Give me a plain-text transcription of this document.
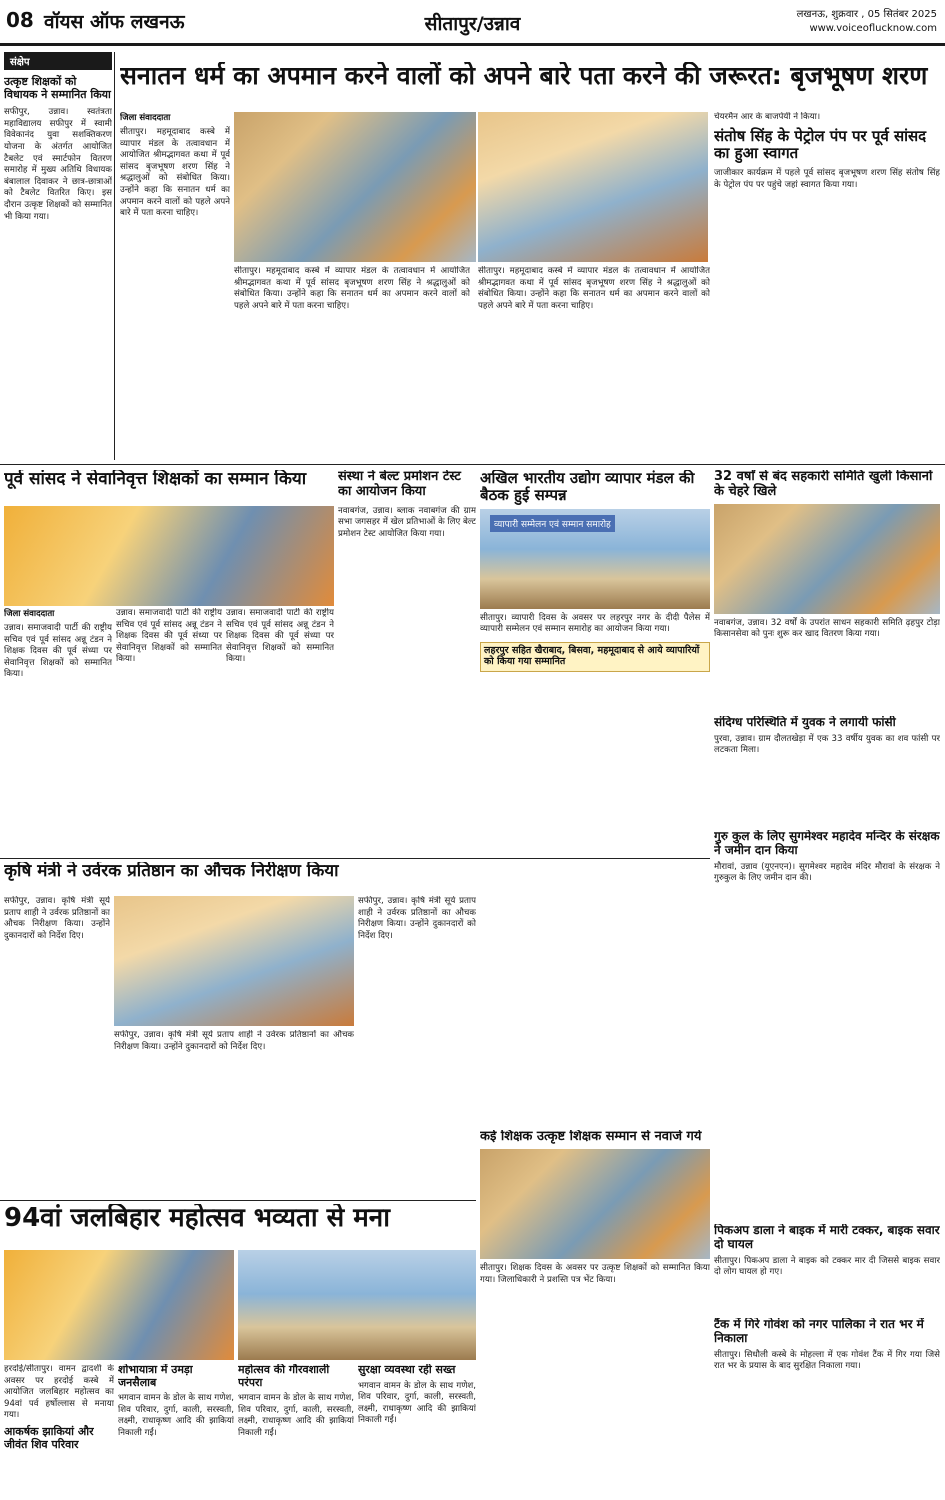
08 वॉयस ऑफ लखनऊ	सीतापुर/उन्नाव	लखनऊ, शुक्रवार , 05 सितंबर 2025
www.voiceoflucknow.com
संक्षेप
उत्कृष्ट शिक्षकों को विधायक ने सम्मानित किया
सफीपुर, उन्नाव। स्वतंत्रता महाविद्यालय सफीपुर में स्वामी विवेकानंद युवा सशक्तिकरण योजना के अंतर्गत आयोजित टैबलेट एवं स्मार्टफोन वितरण समारोह में मुख्य अतिथि विधायक बंबालाल दिवाकर ने छात्र-छात्राओं को टैबलेट वितरित किए। इस दौरान उत्कृष्ट शिक्षकों को सम्मानित भी किया गया।
सनातन धर्म का अपमान करने वालों को अपने बारे पता करने की जरूरत: बृजभूषण शरण
जिला संवाददाता
सीतापुर। महमूदाबाद कस्बे में व्यापार मंडल के तत्वावधान में आयोजित श्रीमद्भागवत कथा में पूर्व सांसद बृजभूषण शरण सिंह ने श्रद्धालुओं को संबोधित किया। उन्होंने कहा कि सनातन धर्म का अपमान करने वालों को पहले अपने बारे में पता करना चाहिए।
सीतापुर। महमूदाबाद कस्बे में व्यापार मंडल के तत्वावधान में आयोजित श्रीमद्भागवत कथा में पूर्व सांसद बृजभूषण शरण सिंह ने श्रद्धालुओं को संबोधित किया। उन्होंने कहा कि सनातन धर्म का अपमान करने वालों को पहले अपने बारे में पता करना चाहिए।
सीतापुर। महमूदाबाद कस्बे में व्यापार मंडल के तत्वावधान में आयोजित श्रीमद्भागवत कथा में पूर्व सांसद बृजभूषण शरण सिंह ने श्रद्धालुओं को संबोधित किया। उन्होंने कहा कि सनातन धर्म का अपमान करने वालों को पहले अपने बारे में पता करना चाहिए।
चेयरमैन आर के बाजपेयी ने किया।
संतोष सिंह के पेट्रोल पंप पर पूर्व सांसद का हुआ स्वागत
जाजीकार कार्यक्रम में पहले पूर्व सांसद बृजभूषण शरण सिंह संतोष सिंह के पेट्रोल पंप पर पहुंचे जहां स्वागत किया गया।
पूर्व सांसद ने सेवानिवृत्त शिक्षकों का सम्मान किया
जिला संवाददाता
उन्नाव। समाजवादी पार्टी की राष्ट्रीय सचिव एवं पूर्व सांसद अन्नू टंडन ने शिक्षक दिवस की पूर्व संध्या पर सेवानिवृत्त शिक्षकों को सम्मानित किया।
उन्नाव। समाजवादी पार्टी की राष्ट्रीय सचिव एवं पूर्व सांसद अन्नू टंडन ने शिक्षक दिवस की पूर्व संध्या पर सेवानिवृत्त शिक्षकों को सम्मानित किया।
उन्नाव। समाजवादी पार्टी की राष्ट्रीय सचिव एवं पूर्व सांसद अन्नू टंडन ने शिक्षक दिवस की पूर्व संध्या पर सेवानिवृत्त शिक्षकों को सम्मानित किया।
संस्था ने बेल्ट प्रमोशन टेस्ट का आयोजन किया
नवाबगंज, उन्नाव। ब्लाक नवाबगंज की ग्राम सभा जगसहर में खेल प्रतिभाओं के लिए बेल्ट प्रमोशन टेस्ट आयोजित किया गया।
अखिल भारतीय उद्योग व्यापार मंडल की बैठक हुई सम्पन्न
व्यापारी सम्मेलन एवं सम्मान समारोह
सीतापुर। व्यापारी दिवस के अवसर पर लहरपुर नगर के दीदी पैलेस में व्यापारी सम्मेलन एवं सम्मान समारोह का आयोजन किया गया।
लहरपुर सहित खैराबाद, बिसवा, महमूदाबाद से आये व्यापारियों को किया गया सम्मानित
32 वर्षों से बंद सहकारी समिति खुली किसानों के चेहरे खिले
नवाबगंज, उन्नाव। 32 वर्षों के उपरांत साधन सहकारी समिति ढ़हपुर टोड़ा किसानसेवा को पुनः शुरू कर खाद वितरण किया गया।
संदिग्ध परिस्थिति में युवक ने लगायी फांसी
पुरवा, उन्नाव। ग्राम दौलतखेड़ा में एक 33 वर्षीय युवक का शव फांसी पर लटकता मिला।
गुरु कुल के लिए सुगमेश्वर महादेव मन्दिर के संरक्षक ने जमीन दान किया
मौरावां, उन्नाव (यूएनएन)। सुगमेश्वर महादेव मंदिर मौरावां के संरक्षक ने गुरुकुल के लिए जमीन दान की।
पिकअप डाला ने बाइक में मारी टक्कर, बाइक सवार दो घायल
सीतापुर। पिकअप डाला ने बाइक को टक्कर मार दी जिससे बाइक सवार दो लोग घायल हो गए।
टैंक में गिरे गोवंश को नगर पालिका ने रात भर में निकाला
सीतापुर। सिधौली कस्बे के मोहल्ला में एक गोवंश टैंक में गिर गया जिसे रात भर के प्रयास के बाद सुरक्षित निकाला गया।
कृषि मंत्री ने उर्वरक प्रतिष्ठान का औचक निरीक्षण किया
सफीपुर, उन्नाव। कृषि मंत्री सूर्य प्रताप शाही ने उर्वरक प्रतिष्ठानों का औचक निरीक्षण किया। उन्होंने दुकानदारों को निर्देश दिए।
सफीपुर, उन्नाव। कृषि मंत्री सूर्य प्रताप शाही ने उर्वरक प्रतिष्ठानों का औचक निरीक्षण किया। उन्होंने दुकानदारों को निर्देश दिए।
सफीपुर, उन्नाव। कृषि मंत्री सूर्य प्रताप शाही ने उर्वरक प्रतिष्ठानों का औचक निरीक्षण किया। उन्होंने दुकानदारों को निर्देश दिए।
कई शिक्षक उत्कृष्ट शिक्षक सम्मान से नवाजे गये
सीतापुर। शिक्षक दिवस के अवसर पर उत्कृष्ट शिक्षकों को सम्मानित किया गया। जिलाधिकारी ने प्रशस्ति पत्र भेंट किया।
94वां जलबिहार महोत्सव भव्यता से मना
हरदोई/सीतापुर। वामन द्वादशी के अवसर पर हरदोई कस्बे में आयोजित जलबिहार महोत्सव का 94वां पर्व हर्षोल्लास से मनाया गया।
आकर्षक झाकियां और जीवंत शिव परिवार
शोभायात्रा में उमड़ा जनसैलाब
भगवान वामन के डोल के साथ गणेश, शिव परिवार, दुर्गा, काली, सरस्वती, लक्ष्मी, राधाकृष्ण आदि की झाकियां निकाली गईं।
महोत्सव की गौरवशाली परंपरा
भगवान वामन के डोल के साथ गणेश, शिव परिवार, दुर्गा, काली, सरस्वती, लक्ष्मी, राधाकृष्ण आदि की झाकियां निकाली गईं।
सुरक्षा व्यवस्था रही सख्त
भगवान वामन के डोल के साथ गणेश, शिव परिवार, दुर्गा, काली, सरस्वती, लक्ष्मी, राधाकृष्ण आदि की झाकियां निकाली गईं।
